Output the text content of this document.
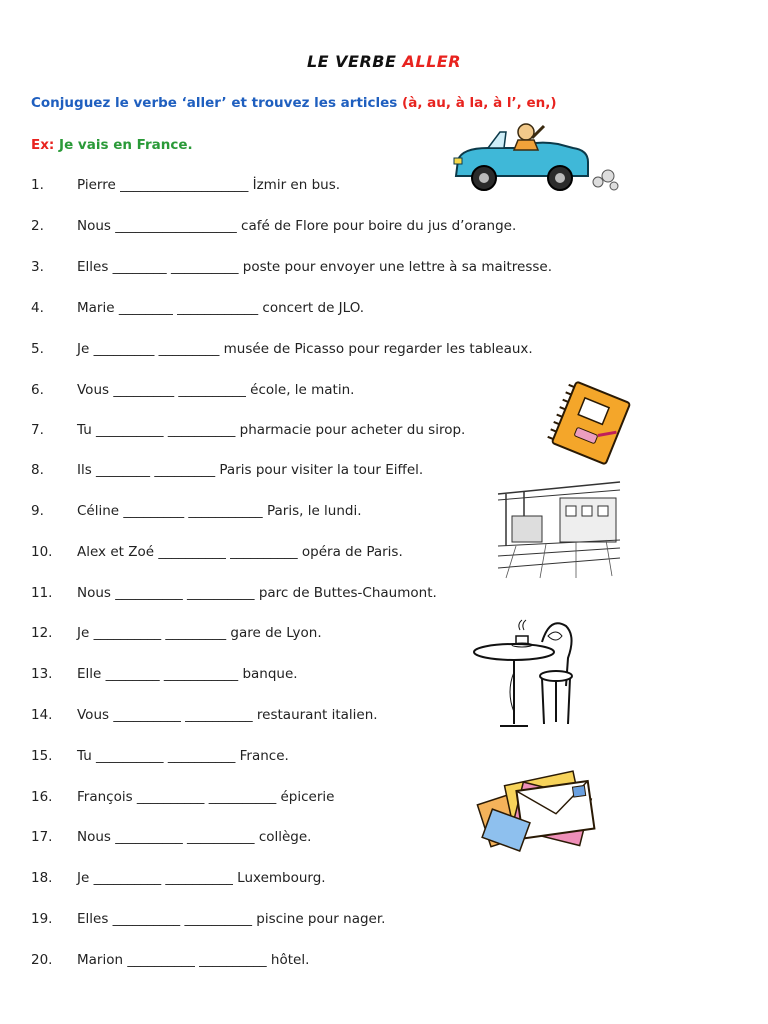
LE VERBE ALLER
Conjuguez le verbe ‘aller’ et trouvez les articles (à, au, à la, à l’, en,)
Ex: Je vais en France.
1. Pierre ___________________ İzmir en bus.
2. Nous __________________ café de Flore pour boire du jus d’orange.
3. Elles ________ __________ poste pour envoyer une lettre à sa maitresse.
4. Marie ________ ____________ concert de JLO.
5. Je _________ _________ musée de Picasso pour regarder les tableaux.
6. Vous _________ __________ école, le matin.
7. Tu __________ __________ pharmacie pour acheter du sirop.
8. Ils ________ _________ Paris pour visiter la tour Eiffel.
9. Céline _________ ___________ Paris, le lundi.
10. Alex et Zoé __________ __________ opéra de Paris.
11. Nous __________ __________ parc de Buttes-Chaumont.
12. Je __________ _________ gare de Lyon.
13. Elle ________ ___________ banque.
14. Vous __________ __________ restaurant italien.
15. Tu __________ __________ France.
16. François __________ __________ épicerie
17. Nous __________ __________ collège.
18. Je __________ __________ Luxembourg.
19. Elles __________ __________ piscine pour nager.
20. Marion __________ __________ hôtel.
